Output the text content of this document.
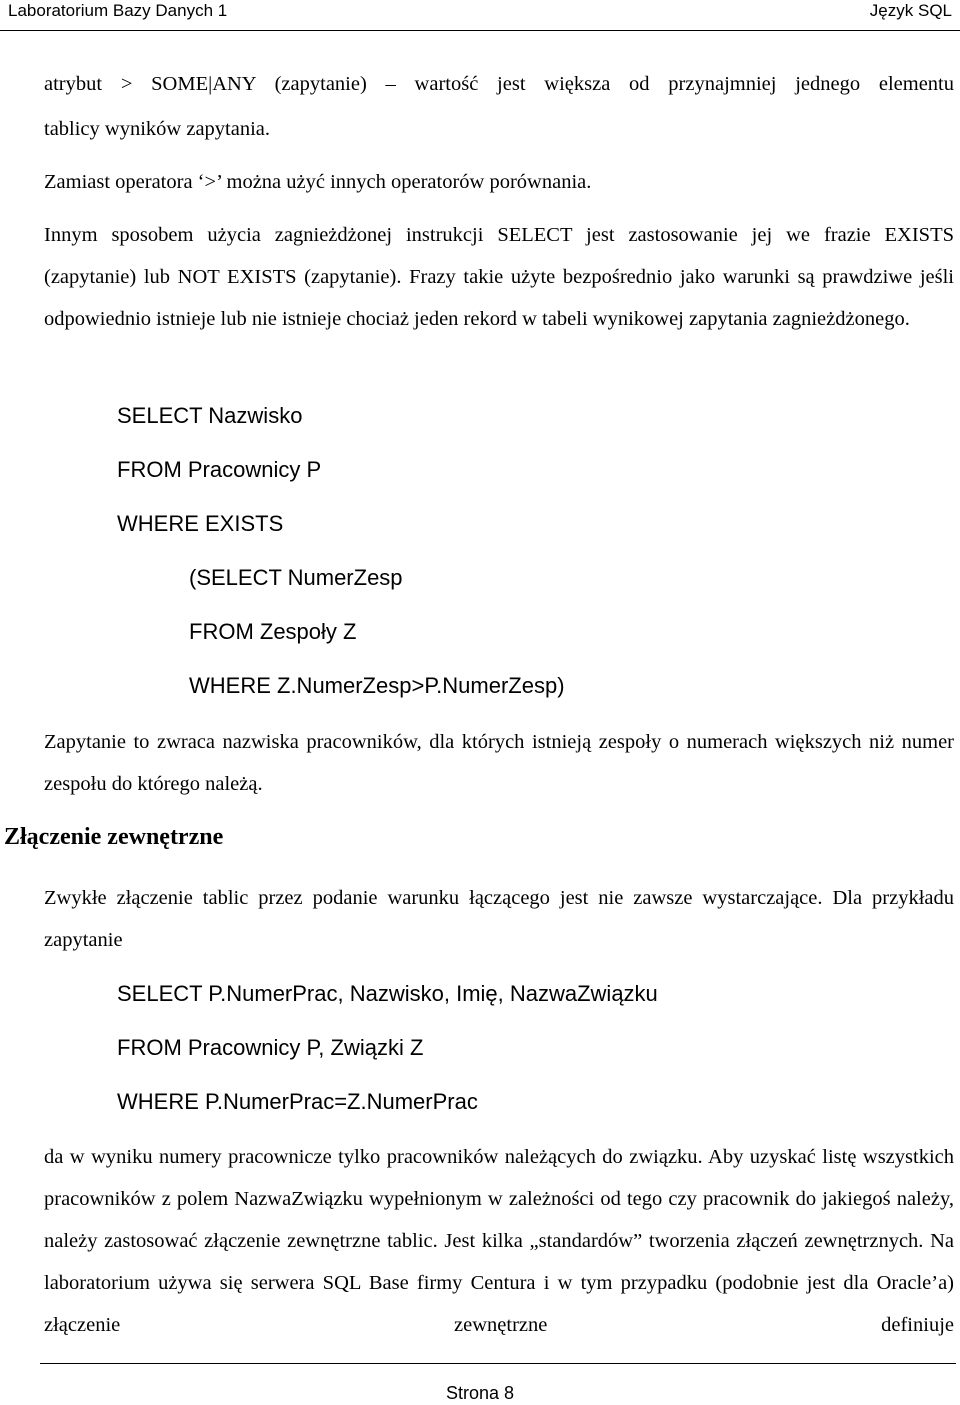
Laboratorium Bazy Danych 1	Język SQL
atrybut > SOME|ANY (zapytanie) – wartość jest większa od przynajmniej jednego elementu
tablicy wyników zapytania.
Zamiast operatora ‘>’ można użyć innych operatorów porównania.
Innym sposobem użycia zagnieżdżonej instrukcji SELECT jest zastosowanie jej we frazie EXISTS (zapytanie) lub NOT EXISTS (zapytanie). Frazy takie użyte bezpośrednio jako warunki są prawdziwe jeśli odpowiednio istnieje lub nie istnieje chociaż jeden rekord w tabeli wynikowej zapytania zagnieżdżonego.
SELECT Nazwisko
FROM Pracownicy P
WHERE EXISTS
(SELECT NumerZesp
FROM Zespoły Z
WHERE Z.NumerZesp>P.NumerZesp)
Zapytanie to zwraca nazwiska pracowników, dla których istnieją zespoły o numerach większych niż numer zespołu do którego należą.
Złączenie zewnętrzne
Zwykłe złączenie tablic przez podanie warunku łączącego jest nie zawsze wystarczające. Dla przykładu zapytanie
SELECT P.NumerPrac, Nazwisko, Imię, NazwaZwiązku
FROM Pracownicy P, Związki Z
WHERE P.NumerPrac=Z.NumerPrac
da w wyniku numery pracownicze tylko pracowników należących do związku. Aby uzyskać listę wszystkich pracowników z polem NazwaZwiązku wypełnionym w zależności od tego czy pracownik do jakiegoś należy, należy zastosować złączenie zewnętrzne tablic. Jest kilka „standardów” tworzenia złączeń zewnętrznych. Na laboratorium używa się serwera SQL Base firmy Centura i w tym przypadku (podobnie jest dla Oracle’a) złączenie zewnętrzne definiuje
Strona 8
